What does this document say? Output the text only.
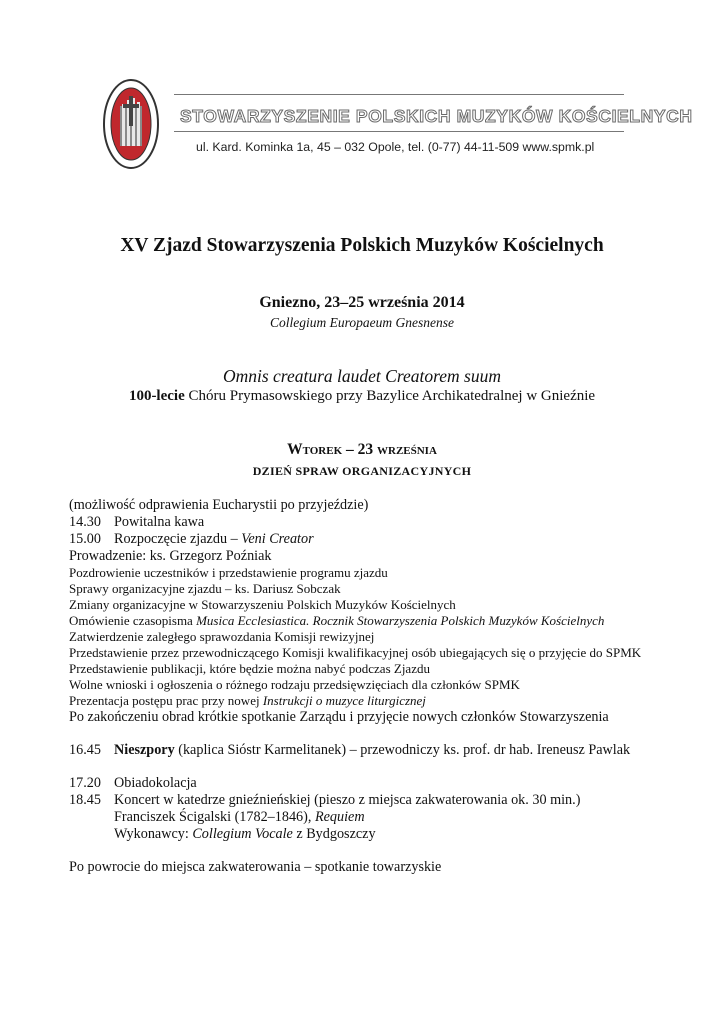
STOWARZYSZENIE POLSKICH MUZYKÓW KOŚCIELNYCH
ul. Kard. Kominka 1a, 45 – 032 Opole, tel. (0-77) 44-11-509 www.spmk.pl
XV Zjazd Stowarzyszenia Polskich Muzyków Kościelnych
Gniezno, 23–25 września 2014
Collegium Europaeum Gnesnense
Omnis creatura laudet Creatorem suum
100-lecie Chóru Prymasowskiego przy Bazylice Archikatedralnej w Gnieźnie
Wtorek – 23 września
DZIEŃ SPRAW ORGANIZACYJNYCH
(możliwość odprawienia Eucharystii po przyjeździe)
14.30 Powitalna kawa
15.00 Rozpoczęcie zjazdu – Veni Creator
Prowadzenie: ks. Grzegorz Poźniak
Pozdrowienie uczestników i przedstawienie programu zjazdu
Sprawy organizacyjne zjazdu – ks. Dariusz Sobczak
Zmiany organizacyjne w Stowarzyszeniu Polskich Muzyków Kościelnych
Omówienie czasopisma Musica Ecclesiastica. Rocznik Stowarzyszenia Polskich Muzyków Kościelnych
Zatwierdzenie zaległego sprawozdania Komisji rewizyjnej
Przedstawienie przez przewodniczącego Komisji kwalifikacyjnej osób ubiegających się o przyjęcie do SPMK
Przedstawienie publikacji, które będzie można nabyć podczas Zjazdu
Wolne wnioski i ogłoszenia o różnego rodzaju przedsięwzięciach dla członków SPMK
Prezentacja postępu prac przy nowej Instrukcji o muzyce liturgicznej
Po zakończeniu obrad krótkie spotkanie Zarządu i przyjęcie nowych członków Stowarzyszenia
16.45 Nieszpory (kaplica Sióstr Karmelitanek) – przewodniczy ks. prof. dr hab. Ireneusz Pawlak
17.20 Obiadokolacja
18.45 Koncert w katedrze gnieźnieńskiej (pieszo z miejsca zakwaterowania ok. 30 min.)
Franciszek Ścigalski (1782–1846), Requiem
Wykonawcy: Collegium Vocale z Bydgoszczy
Po powrocie do miejsca zakwaterowania – spotkanie towarzyskie
